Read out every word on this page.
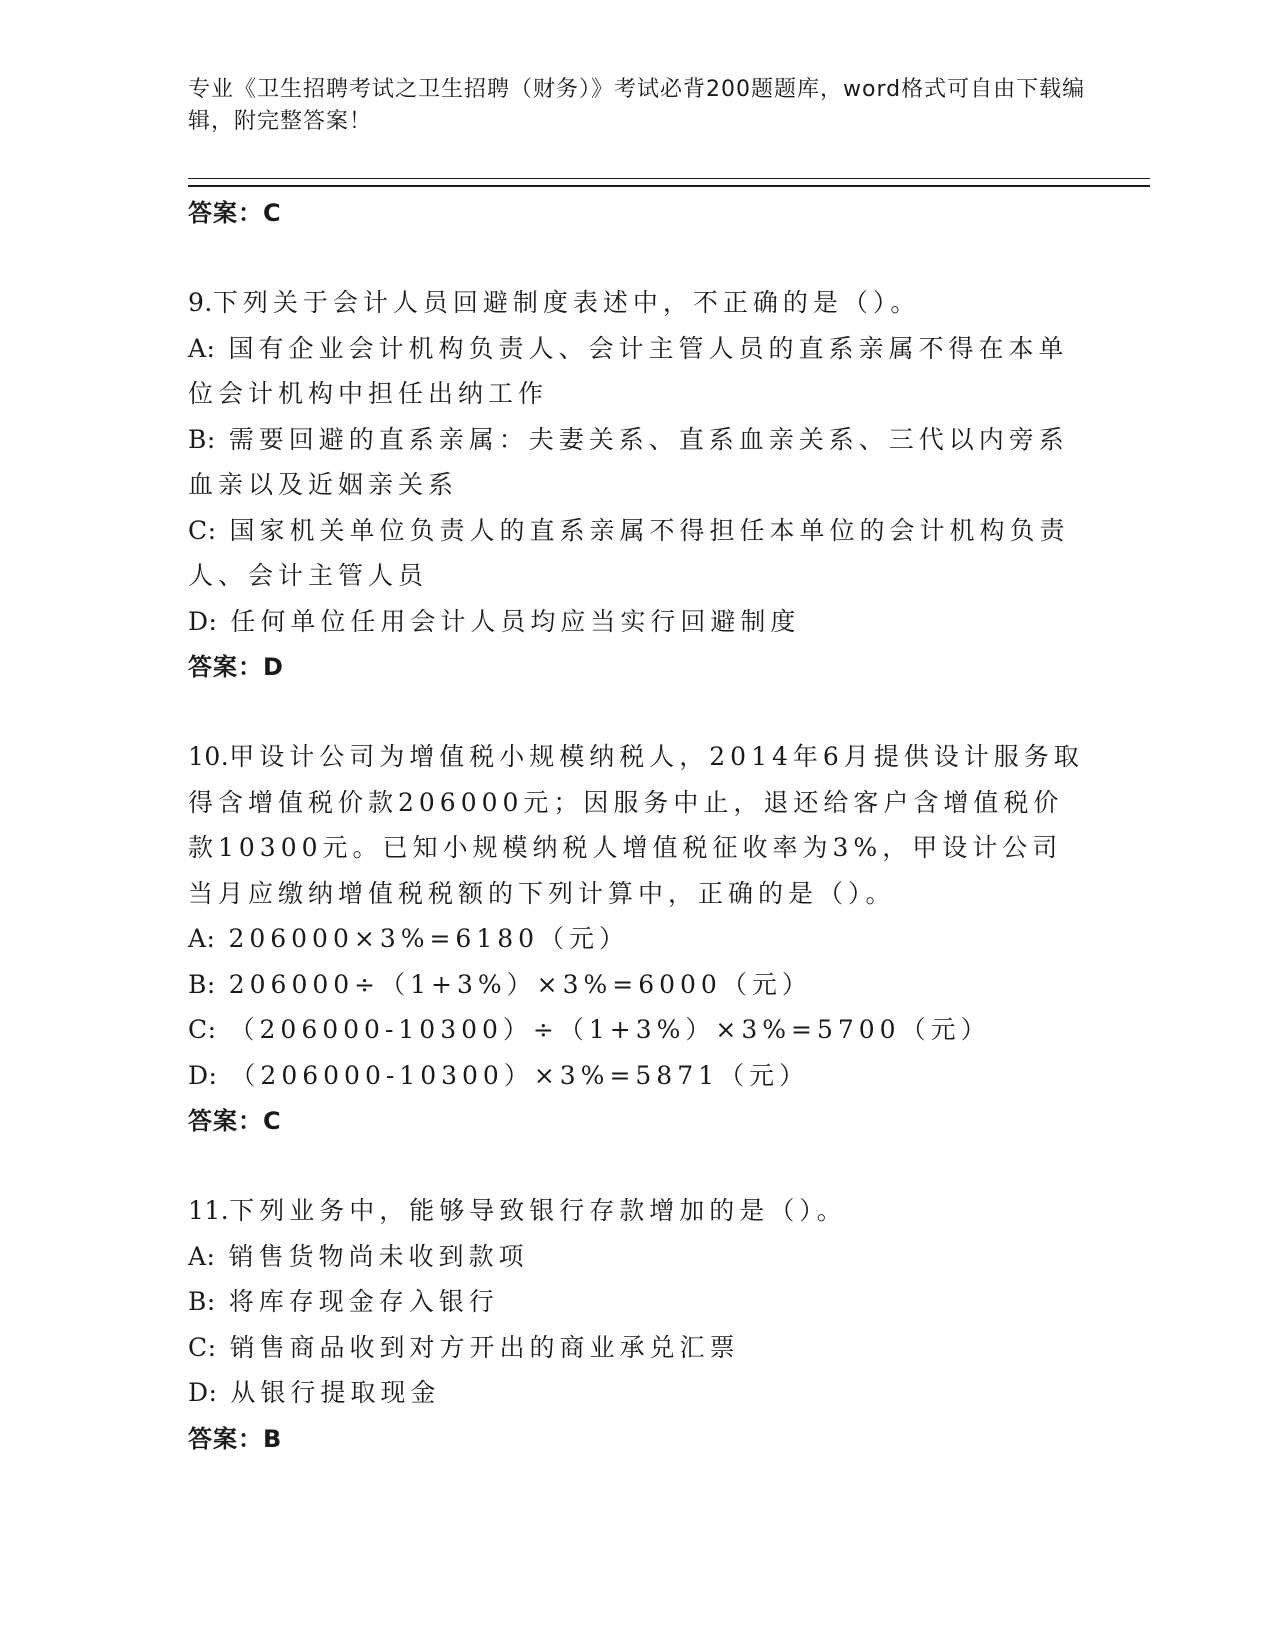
专业《卫生招聘考试之卫生招聘（财务）》考试必背200题题库，word格式可自由下载编辑，附完整答案！
答案：C
9.下列关于会计人员回避制度表述中，不正确的是（）。
A: 国有企业会计机构负责人、会计主管人员的直系亲属不得在本单位会计机构中担任出纳工作
B: 需要回避的直系亲属：夫妻关系、直系血亲关系、三代以内旁系血亲以及近姻亲关系
C: 国家机关单位负责人的直系亲属不得担任本单位的会计机构负责人、会计主管人员
D: 任何单位任用会计人员均应当实行回避制度
答案：D
10.甲设计公司为增值税小规模纳税人，2014年6月提供设计服务取得含增值税价款206000元；因服务中止，退还给客户含增值税价款10300元。已知小规模纳税人增值税征收率为3%，甲设计公司当月应缴纳增值税税额的下列计算中，正确的是（）。
A: 206000×3%=6180（元）
B: 206000÷（1+3%）×3%=6000（元）
C: （206000-10300）÷（1+3%）×3%=5700（元）
D: （206000-10300）×3%=5871（元）
答案：C
11.下列业务中，能够导致银行存款增加的是（）。
A: 销售货物尚未收到款项
B: 将库存现金存入银行
C: 销售商品收到对方开出的商业承兑汇票
D: 从银行提取现金
答案：B
